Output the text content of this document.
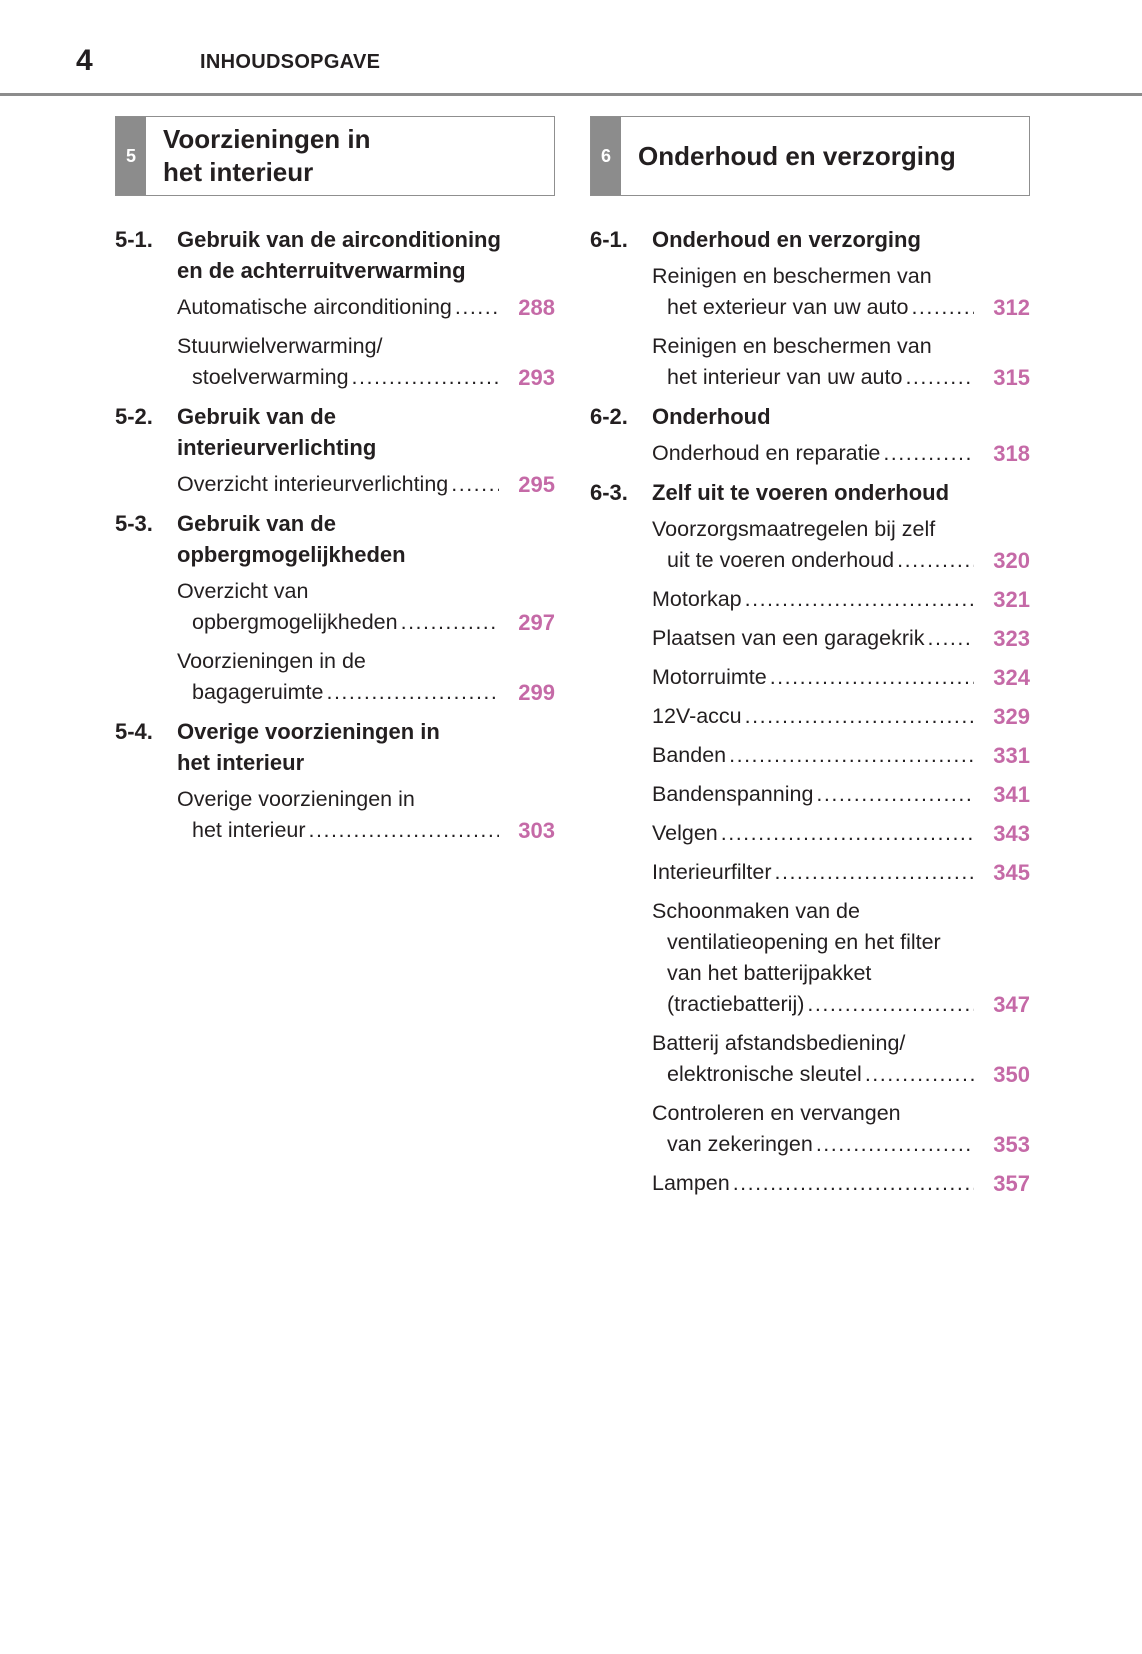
4	INHOUDSOPGAVE
5
Voorzieningen in
het interieur
5-1.	Gebruik van de airconditioning
en de achterruitverwarming
Automatische airconditioning .....	288
Stuurwielverwarming/
stoelverwarming .....	293
5-2.	Gebruik van de
interieurverlichting
Overzicht interieurverlichting .....	295
5-3.	Gebruik van de
opbergmogelijkheden
Overzicht van
opbergmogelijkheden .....	297
Voorzieningen in de
bagageruimte .....	299
5-4.	Overige voorzieningen in
het interieur
Overige voorzieningen in
het interieur .....	303
6	Onderhoud en verzorging
6-1.	Onderhoud en verzorging
Reinigen en beschermen van
het exterieur van uw auto .....	312
Reinigen en beschermen van
het interieur van uw auto .....	315
6-2.	Onderhoud
Onderhoud en reparatie .....	318
6-3.	Zelf uit te voeren onderhoud
Voorzorgsmaatregelen bij zelf
uit te voeren onderhoud .....	320
Motorkap .....	321
Plaatsen van een garagekrik .....	323
Motorruimte .....	324
12V-accu .....	329
Banden .....	331
Bandenspanning .....	341
Velgen .....	343
Interieurfilter .....	345
Schoonmaken van de
ventilatieopening en het filter
van het batterijpakket
(tractiebatterij) .....	347
Batterij afstandsbediening/
elektronische sleutel .....	350
Controleren en vervangen
van zekeringen .....	353
Lampen .....	357
